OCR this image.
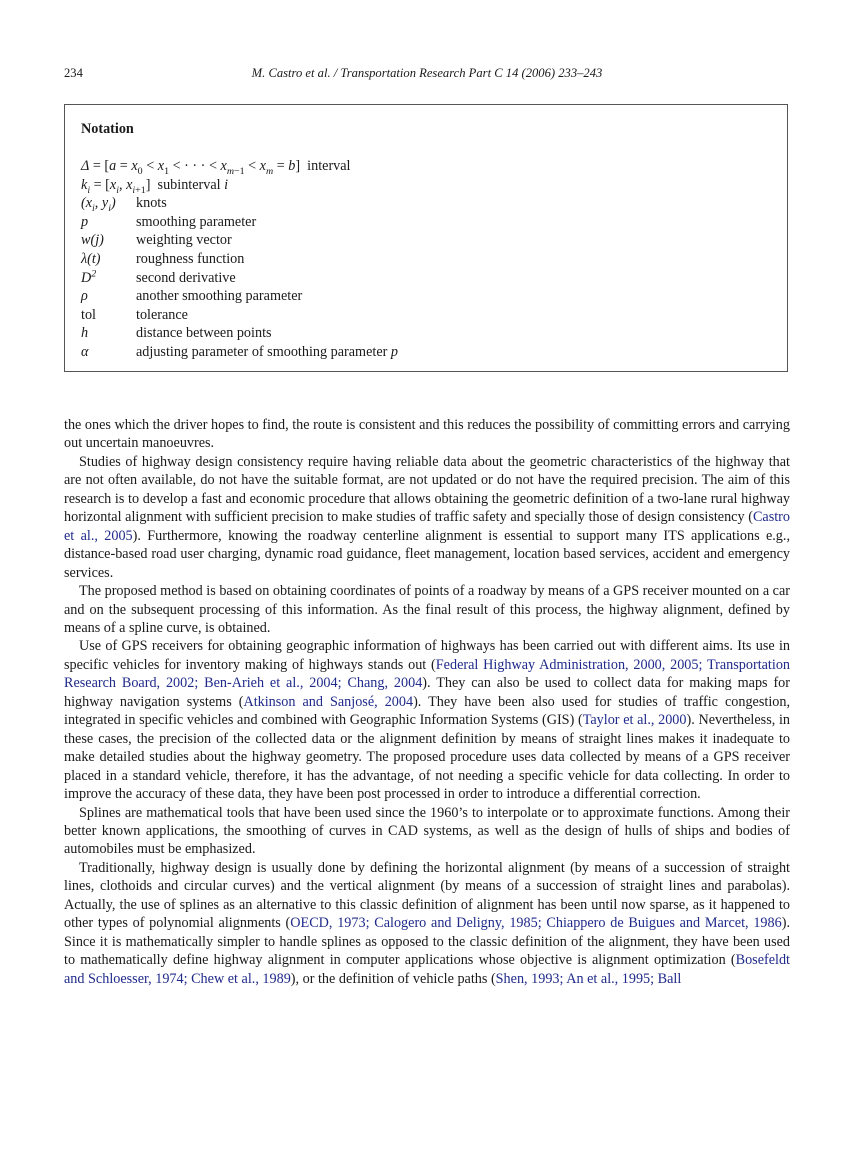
234	M. Castro et al. / Transportation Research Part C 14 (2006) 233–243
Notation
$\Delta = [a = x_0 < x_1$ < · · · < $x_{m-1} < x_m = b$] interval
$k_i = [x_i$, $x_{i+1}$] subinterval i
($x_i$, $y_i$)	knots
p	smoothing parameter
w(j)	weighting vector
λ(t)	roughness function
$D^2$	second derivative
ρ	another smoothing parameter
tol	tolerance
h	distance between points
α	adjusting parameter of smoothing parameter p

the ones which the driver hopes to find, the route is consistent and this reduces the possibility of committing errors and carrying out uncertain manoeuvres.

Studies of highway design consistency require having reliable data about the geometric characteristics of the highway that are not often available, do not have the suitable format, are not updated or do not have the required precision. The aim of this research is to develop a fast and economic procedure that allows obtaining the geometric definition of a two-lane rural highway horizontal alignment with sufficient precision to make studies of traffic safety and specially those of design consistency (Castro et al., 2005). Furthermore, knowing the roadway centerline alignment is essential to support many ITS applications e.g., distance-based road user charging, dynamic road guidance, fleet management, location based services, accident and emergency services.

The proposed method is based on obtaining coordinates of points of a roadway by means of a GPS receiver mounted on a car and on the subsequent processing of this information. As the final result of this process, the highway alignment, defined by means of a spline curve, is obtained.

Use of GPS receivers for obtaining geographic information of highways has been carried out with different aims. Its use in specific vehicles for inventory making of highways stands out (Federal Highway Administration, 2000, 2005; Transportation Research Board, 2002; Ben-Arieh et al., 2004; Chang, 2004). They can also be used to collect data for making maps for highway navigation systems (Atkinson and Sanjosé, 2004). They have been also used for studies of traffic congestion, integrated in specific vehicles and combined with Geographic Information Systems (GIS) (Taylor et al., 2000). Nevertheless, in these cases, the precision of the collected data or the alignment definition by means of straight lines makes it inadequate to make detailed studies about the highway geometry. The proposed procedure uses data collected by means of a GPS receiver placed in a standard vehicle, therefore, it has the advantage, of not needing a specific vehicle for data collecting. In order to improve the accuracy of these data, they have been post processed in order to introduce a differential correction.

Splines are mathematical tools that have been used since the 1960’s to interpolate or to approximate functions. Among their better known applications, the smoothing of curves in CAD systems, as well as the design of hulls of ships and bodies of automobiles must be emphasized.

Traditionally, highway design is usually done by defining the horizontal alignment (by means of a succession of straight lines, clothoids and circular curves) and the vertical alignment (by means of a succession of straight lines and parabolas). Actually, the use of splines as an alternative to this classic definition of alignment has been until now sparse, as it happened to other types of polynomial alignments (OECD, 1973; Calogero and Deligny, 1985; Chiappero de Buigues and Marcet, 1986). Since it is mathematically simpler to handle splines as opposed to the classic definition of the alignment, they have been used to mathematically define highway alignment in computer applications whose objective is alignment optimization (Bosefeldt and Schloesser, 1974; Chew et al., 1989), or the definition of vehicle paths (Shen, 1993; An et al., 1995; Ball
